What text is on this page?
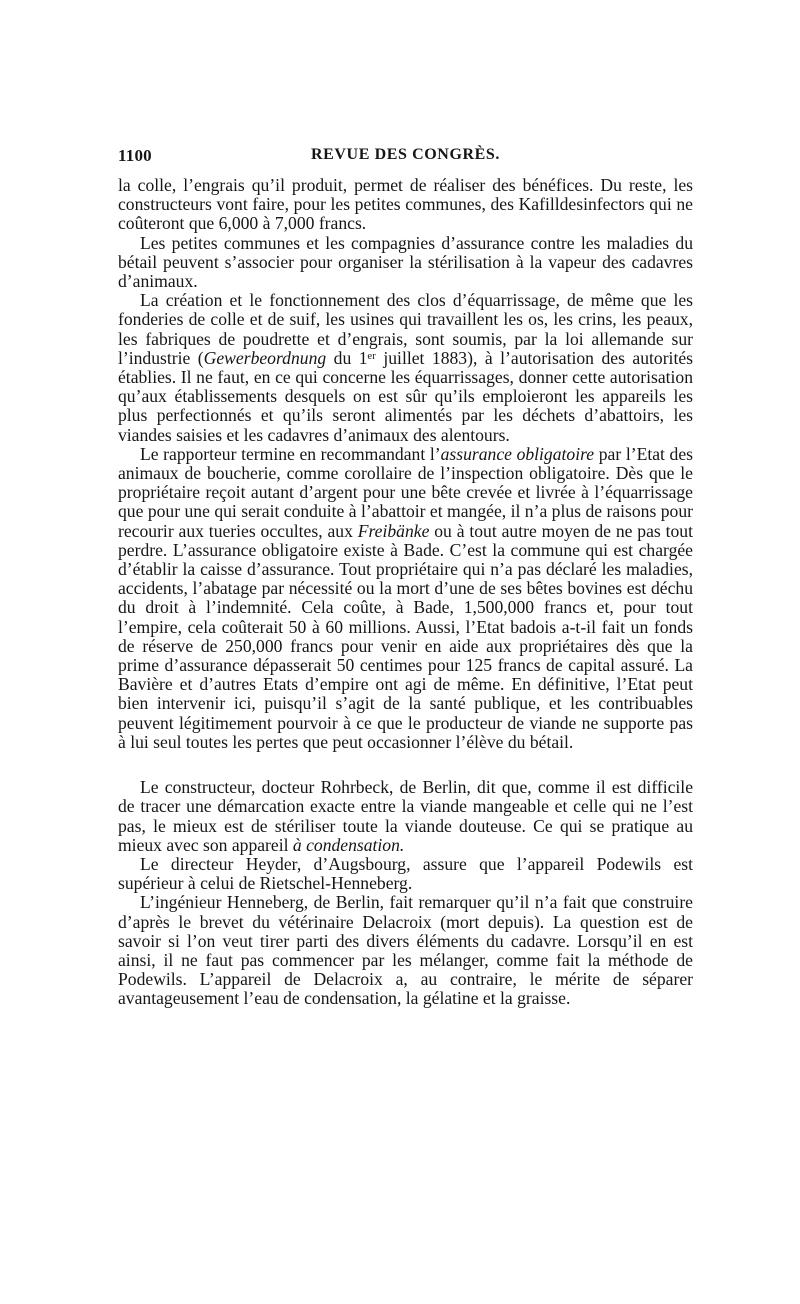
1100	REVUE DES CONGRÈS.

la colle, l’engrais qu’il produit, permet de réaliser des bénéfices. Du reste, les constructeurs vont faire, pour les petites communes, des Kafilldesinfectors qui ne coûteront que 6,000 à 7,000 francs.

Les petites communes et les compagnies d’assurance contre les maladies du bétail peuvent s’associer pour organiser la stérilisation à la vapeur des cadavres d’animaux.

La création et le fonctionnement des clos d’équarrissage, de même que les fonderies de colle et de suif, les usines qui travaillent les os, les crins, les peaux, les fabriques de poudrette et d’engrais, sont soumis, par la loi allemande sur l’industrie (Gewerbeordnung du 1ᵉʳ juillet 1883), à l’autorisation des autorités établies. Il ne faut, en ce qui concerne les équarrissages, donner cette autorisation qu’aux établissements desquels on est sûr qu’ils emploieront les appareils les plus perfectionnés et qu’ils seront alimentés par les déchets d’abattoirs, les viandes saisies et les cadavres d’animaux des alentours.

Le rapporteur termine en recommandant l’assurance obligatoire par l’Etat des animaux de boucherie, comme corollaire de l’inspection obligatoire. Dès que le propriétaire reçoit autant d’argent pour une bête crevée et livrée à l’équarrissage que pour une qui serait conduite à l’abattoir et mangée, il n’a plus de raisons pour recourir aux tueries occultes, aux Freibänke ou à tout autre moyen de ne pas tout perdre. L’assurance obligatoire existe à Bade. C’est la commune qui est chargée d’établir la caisse d’assurance. Tout propriétaire qui n’a pas déclaré les maladies, accidents, l’abatage par nécessité ou la mort d’une de ses bêtes bovines est déchu du droit à l’indemnité. Cela coûte, à Bade, 1,500,000 francs et, pour tout l’empire, cela coûterait 50 à 60 millions. Aussi, l’Etat badois a-t-il fait un fonds de réserve de 250,000 francs pour venir en aide aux propriétaires dès que la prime d’assurance dépasserait 50 centimes pour 125 francs de capital assuré. La Bavière et d’autres Etats d’empire ont agi de même. En définitive, l’Etat peut bien intervenir ici, puisqu’il s’agit de la santé publique, et les contribuables peuvent légitimement pourvoir à ce que le producteur de viande ne supporte pas à lui seul toutes les pertes que peut occasionner l’élève du bétail.

Le constructeur, docteur Rohrbeck, de Berlin, dit que, comme il est difficile de tracer une démarcation exacte entre la viande mangeable et celle qui ne l’est pas, le mieux est de stériliser toute la viande douteuse. Ce qui se pratique au mieux avec son appareil à condensation.

Le directeur Heyder, d’Augsbourg, assure que l’appareil Podewils est supérieur à celui de Rietschel-Henneberg.

L’ingénieur Henneberg, de Berlin, fait remarquer qu’il n’a fait que construire d’après le brevet du vétérinaire Delacroix (mort depuis). La question est de savoir si l’on veut tirer parti des divers éléments du cadavre. Lorsqu’il en est ainsi, il ne faut pas commencer par les mélanger, comme fait la méthode de Podewils. L’appareil de Delacroix a, au contraire, le mérite de séparer avantageusement l’eau de condensation, la gélatine et la graisse.
